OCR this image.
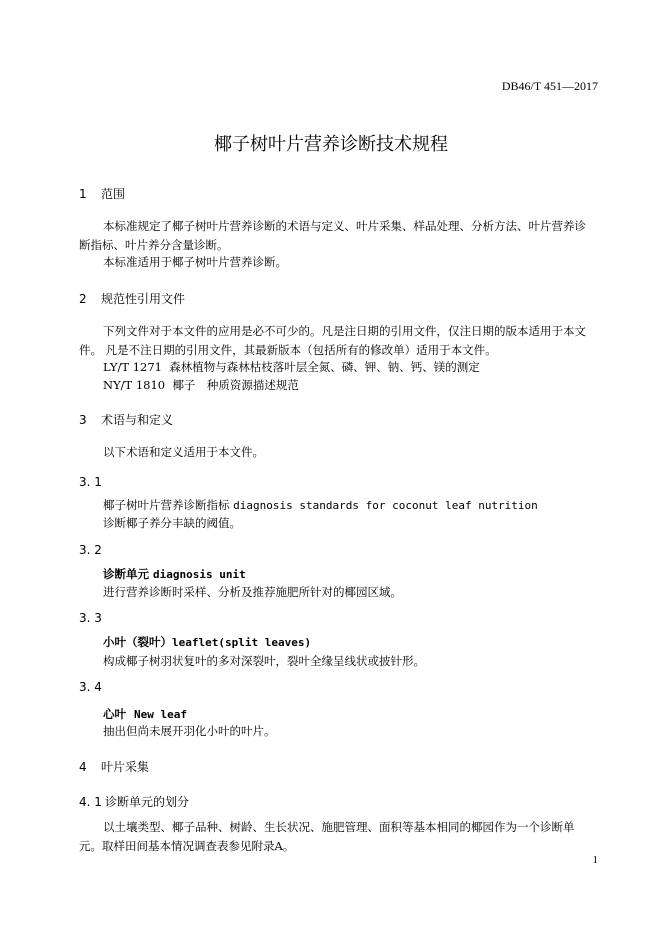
DB46/T 451—2017
椰子树叶片营养诊断技术规程
1 范围
本标准规定了椰子树叶片营养诊断的术语与定义、叶片采集、样品处理、分析方法、叶片营养诊断指标、叶片养分含量诊断。
本标准适用于椰子树叶片营养诊断。
2 规范性引用文件
下列文件对于本文件的应用是必不可少的。凡是注日期的引用文件，仅注日期的版本适用于本文件。 凡是不注日期的引用文件，其最新版本（包括所有的修改单）适用于本文件。
LY/T 1271 森林植物与森林枯枝落叶层全氮、磷、钾、钠、钙、镁的测定
NY/T 1810 椰子　种质资源描述规范
3 术语与和定义
以下术语和定义适用于本文件。
3. 1
椰子树叶片营养诊断指标 diagnosis standards for coconut leaf nutrition
诊断椰子养分丰缺的阈值。
3. 2
诊断单元 diagnosis unit
进行营养诊断时采样、分析及推荐施肥所针对的椰园区域。
3. 3
小叶（裂叶）leaflet(split leaves)
构成椰子树羽状复叶的多对深裂叶，裂叶全缘呈线状或披针形。
3. 4
心叶 New leaf
抽出但尚未展开羽化小叶的叶片。
4 叶片采集
4. 1 诊断单元的划分
以土壤类型、椰子品种、树龄、生长状况、施肥管理、面积等基本相同的椰园作为一个诊断单元。取样田间基本情况调查表参见附录A。
1
